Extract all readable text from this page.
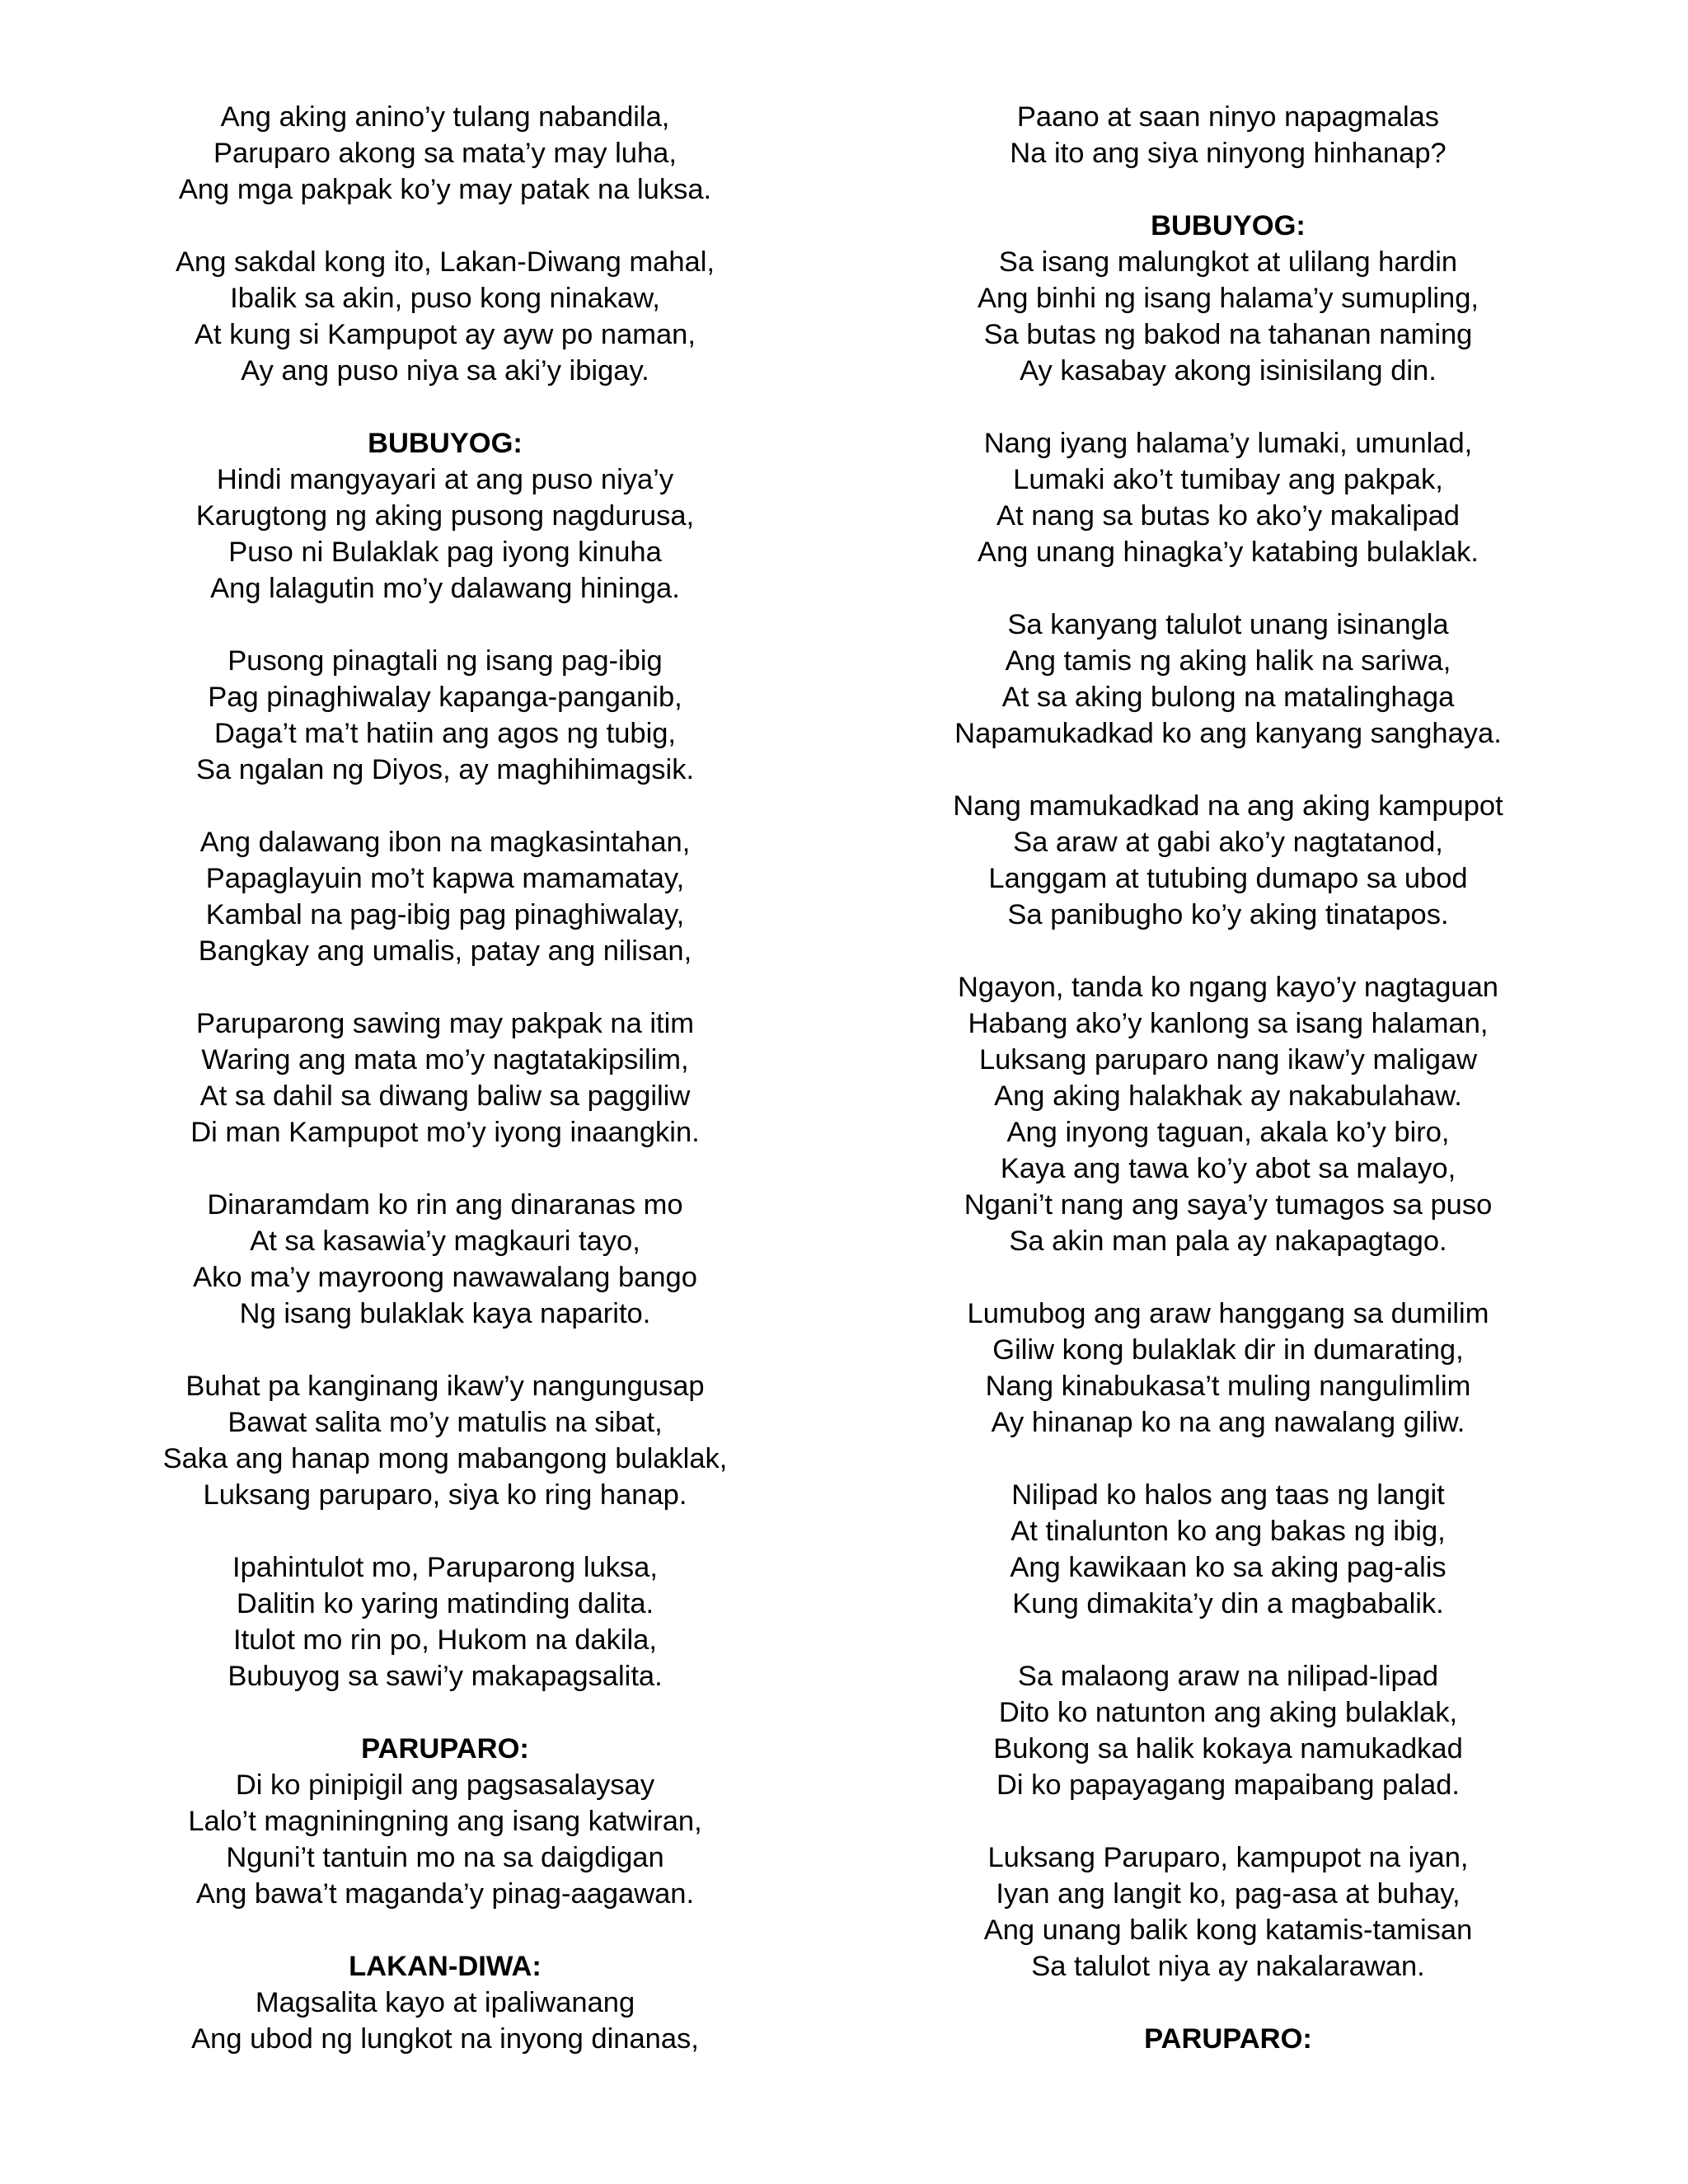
Ang aking anino’y tulang nabandila,
Paruparo akong sa mata’y may luha,
Ang mga pakpak ko’y may patak na luksa.
Ang sakdal kong ito, Lakan-Diwang mahal,
Ibalik sa akin, puso kong ninakaw,
At kung si Kampupot ay ayw po naman,
Ay ang puso niya sa aki’y ibigay.
BUBUYOG:
Hindi mangyayari at ang puso niya’y
Karugtong ng aking pusong nagdurusa,
Puso ni Bulaklak pag iyong kinuha
Ang lalagutin mo’y dalawang hininga.
Pusong pinagtali ng isang pag-ibig
Pag pinaghiwalay kapanga-panganib,
Daga’t ma’t hatiin ang agos ng tubig,
Sa ngalan ng Diyos, ay maghihimagsik.
Ang dalawang ibon na magkasintahan,
Papaglayuin mo’t kapwa mamamatay,
Kambal na pag-ibig pag pinaghiwalay,
Bangkay ang umalis, patay ang nilisan,
Paruparong sawing may pakpak na itim
Waring ang mata mo’y nagtatakipsilim,
At sa dahil sa diwang baliw sa paggiliw
Di man Kampupot mo’y iyong inaangkin.
Dinaramdam ko rin ang dinaranas mo
At sa kasawia’y magkauri tayo,
Ako ma’y mayroong nawawalang bango
Ng isang bulaklak kaya naparito.
Buhat pa kanginang ikaw’y nangungusap
Bawat salita mo’y matulis na sibat,
Saka ang hanap mong mabangong bulaklak,
Luksang paruparo, siya ko ring hanap.
Ipahintulot mo, Paruparong luksa,
Dalitin ko yaring matinding dalita.
Itulot mo rin po, Hukom na dakila,
Bubuyog sa sawi’y makapagsalita.
PARUPARO:
Di ko pinipigil ang pagsasalaysay
Lalo’t magniningning ang isang katwiran,
Nguni’t tantuin mo na sa daigdigan
Ang bawa’t maganda’y pinag-aagawan.
LAKAN-DIWA:
Magsalita kayo at ipaliwanang
Ang ubod ng lungkot na inyong dinanas,
Paano at saan ninyo napagmalas
Na ito ang siya ninyong hinhanap?
BUBUYOG:
Sa isang malungkot at ulilang hardin
Ang binhi ng isang halama’y sumupling,
Sa butas ng bakod na tahanan naming
Ay kasabay akong isinisilang din.
Nang iyang halama’y lumaki, umunlad,
Lumaki ako’t tumibay ang pakpak,
At nang sa butas ko ako’y makalipad
Ang unang hinagka’y katabing bulaklak.
Sa kanyang talulot unang isinangla
Ang tamis ng aking halik na sariwa,
At sa aking bulong na matalinghaga
Napamukadkad ko ang kanyang sanghaya.
Nang mamukadkad na ang aking kampupot
Sa araw at gabi ako’y nagtatanod,
Langgam at tutubing dumapo sa ubod
Sa panibugho ko’y aking tinatapos.
Ngayon, tanda ko ngang kayo’y nagtaguan
Habang ako’y kanlong sa isang halaman,
Luksang paruparo nang ikaw’y maligaw
Ang aking halakhak ay nakabulahaw.
Ang inyong taguan, akala ko’y biro,
Kaya ang tawa ko’y abot sa malayo,
Ngani’t nang ang saya’y tumagos sa puso
Sa akin man pala ay nakapagtago.
Lumubog ang araw hanggang sa dumilim
Giliw kong bulaklak dir in dumarating,
Nang kinabukasa’t muling nangulimlim
Ay hinanap ko na ang nawalang giliw.
Nilipad ko halos ang taas ng langit
At tinalunton ko ang bakas ng ibig,
Ang kawikaan ko sa aking pag-alis
Kung dimakita’y din a magbabalik.
Sa malaong araw na nilipad-lipad
Dito ko natunton ang aking bulaklak,
Bukong sa halik kokaya namukadkad
Di ko papayagang mapaibang palad.
Luksang Paruparo, kampupot na iyan,
Iyan ang langit ko, pag-asa at buhay,
Ang unang balik kong katamis-tamisan
Sa talulot niya ay nakalarawan.
PARUPARO:
